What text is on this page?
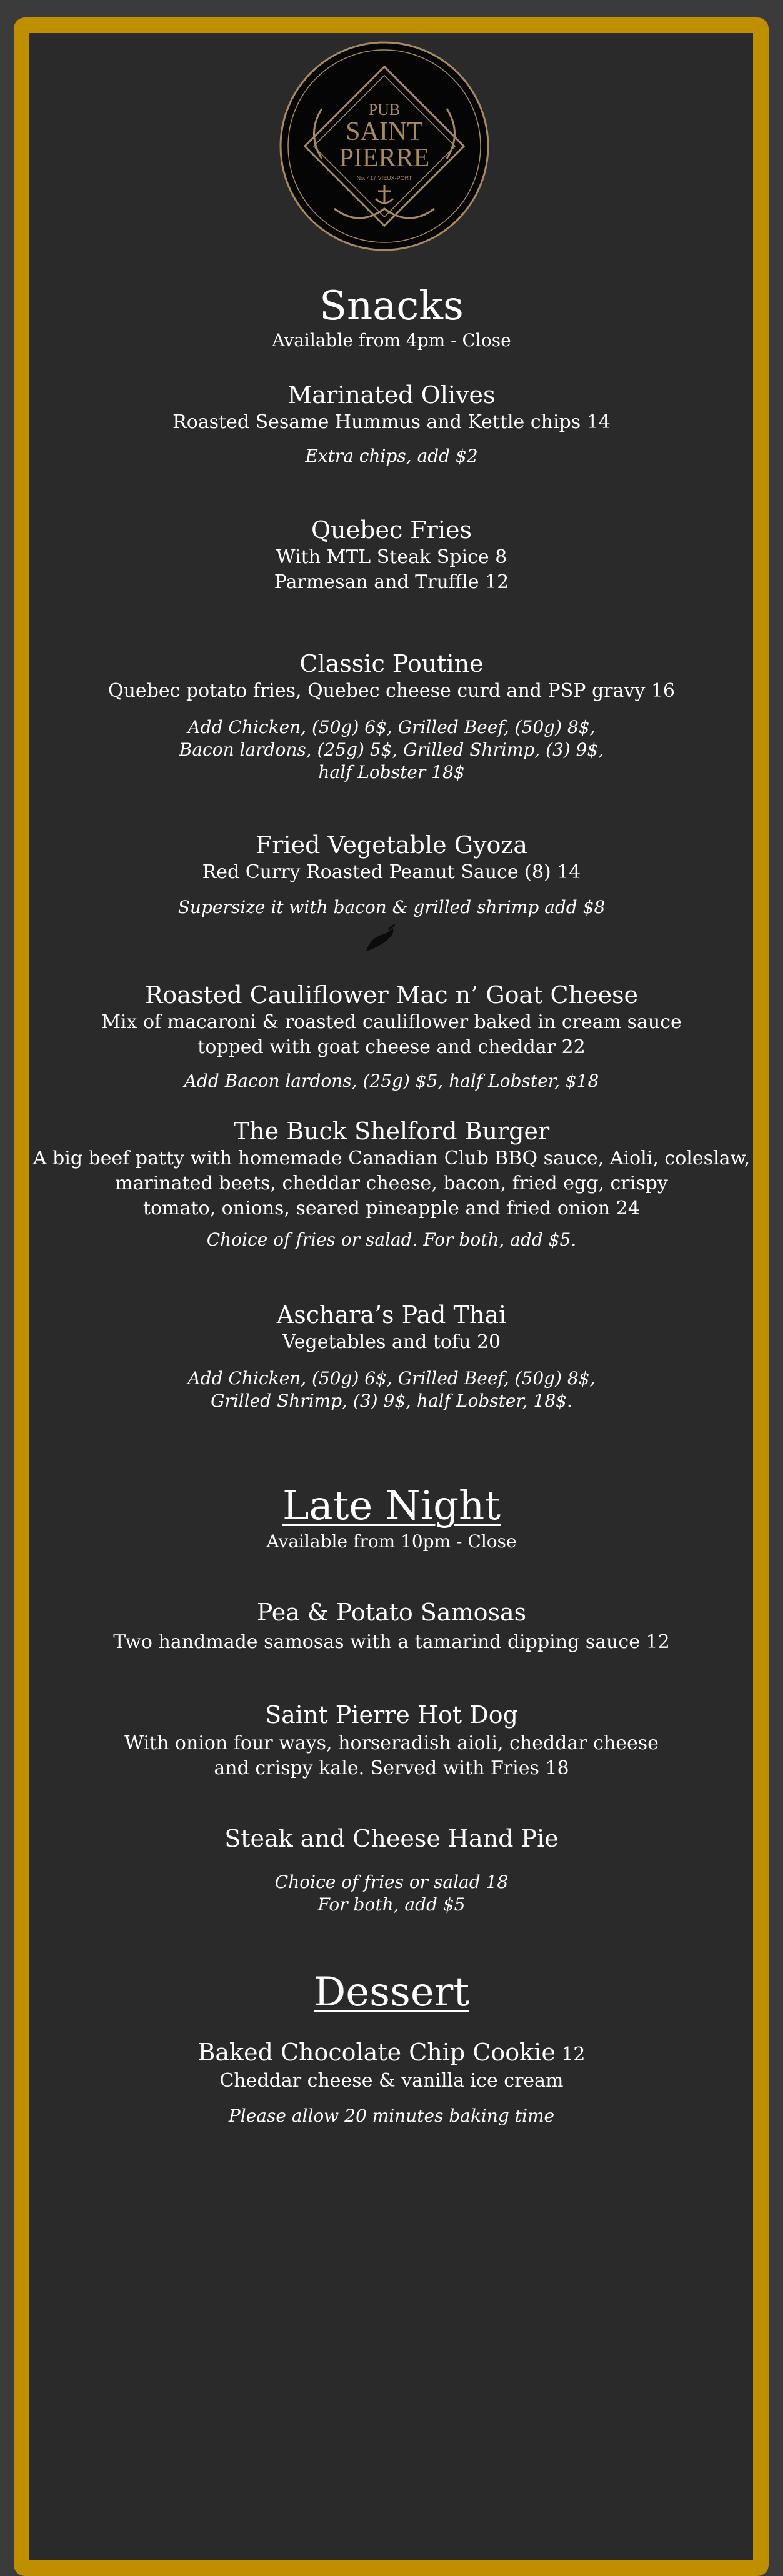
PUB
SAINT
PIERRE
No. 417 VIEUX-PORT
Snacks
Available from 4pm - Close
Marinated Olives
Roasted Sesame Hummus and Kettle chips 14
Extra chips, add $2
Quebec Fries
With MTL Steak Spice 8
Parmesan and Truffle 12
Classic Poutine
Quebec potato fries, Quebec cheese curd and PSP gravy 16
Add Chicken, (50g) 6$, Grilled Beef, (50g) 8$,
Bacon lardons, (25g) 5$, Grilled Shrimp, (3) 9$,
half Lobster 18$
Fried Vegetable Gyoza
Red Curry Roasted Peanut Sauce (8) 14
Supersize it with bacon & grilled shrimp add $8
Roasted Cauliflower Mac n’ Goat Cheese
Mix of macaroni & roasted cauliflower baked in cream sauce
topped with goat cheese and cheddar 22
Add Bacon lardons, (25g) $5, half Lobster, $18
The Buck Shelford Burger
A big beef patty with homemade Canadian Club BBQ sauce, Aioli, coleslaw,
marinated beets, cheddar cheese, bacon, fried egg, crispy
tomato, onions, seared pineapple and fried onion 24
Choice of fries or salad. For both, add $5.
Aschara’s Pad Thai
Vegetables and tofu 20
Add Chicken, (50g) 6$, Grilled Beef, (50g) 8$,
Grilled Shrimp, (3) 9$, half Lobster, 18$.
Late Night
Available from 10pm - Close
Pea & Potato Samosas
Two handmade samosas with a tamarind dipping sauce 12
Saint Pierre Hot Dog
With onion four ways, horseradish aioli, cheddar cheese
and crispy kale. Served with Fries 18
Steak and Cheese Hand Pie
Choice of fries or salad 18
For both, add $5
Dessert
Baked Chocolate Chip Cookie 12
Cheddar cheese & vanilla ice cream
Please allow 20 minutes baking time
